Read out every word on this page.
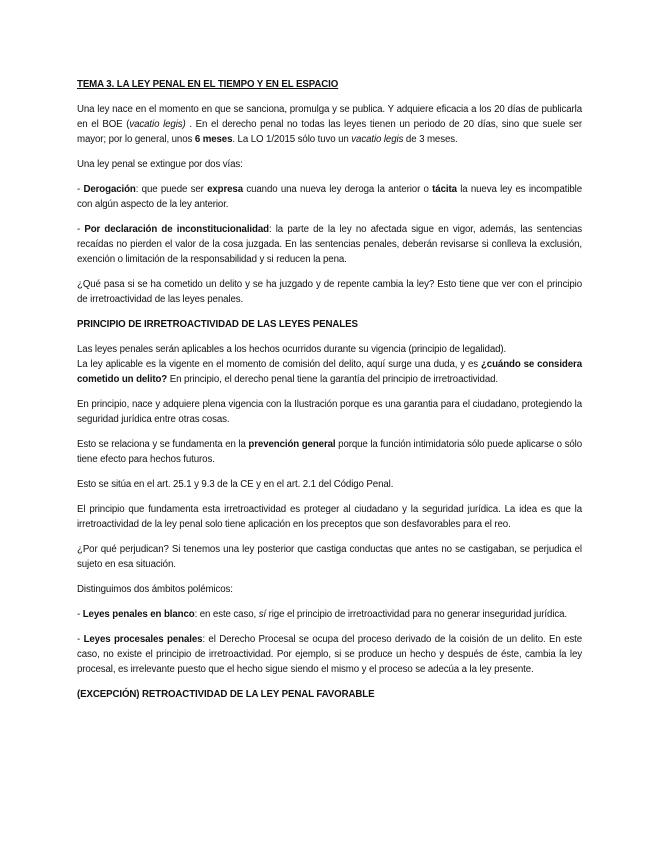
TEMA 3. LA LEY PENAL EN EL TIEMPO Y EN EL ESPACIO
Una ley nace en el momento en que se sanciona, promulga y se publica. Y adquiere eficacia a los 20 días de publicarla en el BOE (vacatio legis) . En el derecho penal no todas las leyes tienen un periodo de 20 días, sino que suele ser mayor; por lo general, unos 6 meses. La LO 1/2015 sólo tuvo un vacatio legis de 3 meses.
Una ley penal se extingue por dos vías:
- Derogación: que puede ser expresa cuando una nueva ley deroga la anterior o tácita la nueva ley es incompatible con algún aspecto de la ley anterior.
- Por declaración de inconstitucionalidad: la parte de la ley no afectada sigue en vigor, además, las sentencias recaídas no pierden el valor de la cosa juzgada. En las sentencias penales, deberán revisarse si conlleva la exclusión, exención o limitación de la responsabilidad y si reducen la pena.
¿Qué pasa si se ha cometido un delito y se ha juzgado y de repente cambia la ley? Esto tiene que ver con el principio de irretroactividad de las leyes penales.
PRINCIPIO DE IRRETROACTIVIDAD DE LAS LEYES PENALES
Las leyes penales serán aplicables a los hechos ocurridos durante su vigencia (principio de legalidad).
La ley aplicable es la vigente en el momento de comisión del delito, aquí surge una duda, y es ¿cuándo se considera cometido un delito? En principio, el derecho penal tiene la garantía del principio de irretroactividad.
En principio, nace y adquiere plena vigencia con la Ilustración porque es una garantia para el ciudadano, protegiendo la seguridad jurídica entre otras cosas.
Esto se relaciona y se fundamenta en la prevención general porque la función intimidatoria sólo puede aplicarse o sólo tiene efecto para hechos futuros.
Esto se sitúa en el art. 25.1 y 9.3 de la CE y en el art. 2.1 del Código Penal.
El principio que fundamenta esta irretroactividad es proteger al ciudadano y la seguridad jurídica. La idea es que la irretroactividad de la ley penal solo tiene aplicación en los preceptos que son desfavorables para el reo.
¿Por qué perjudican? Si tenemos una ley posterior que castiga conductas que antes no se castigaban, se perjudica el sujeto en esa situación.
Distinguimos dos ámbitos polémicos:
- Leyes penales en blanco: en este caso, sí rige el principio de irretroactividad para no generar inseguridad jurídica.
- Leyes procesales penales: el Derecho Procesal se ocupa del proceso derivado de la coisión de un delito. En este caso, no existe el principio de irretroactividad. Por ejemplo, si se produce un hecho y después de éste, cambia la ley procesal, es irrelevante puesto que el hecho sigue siendo el mismo y el proceso se adecúa a la ley presente.
(EXCEPCIÓN) RETROACTIVIDAD DE LA LEY PENAL FAVORABLE
